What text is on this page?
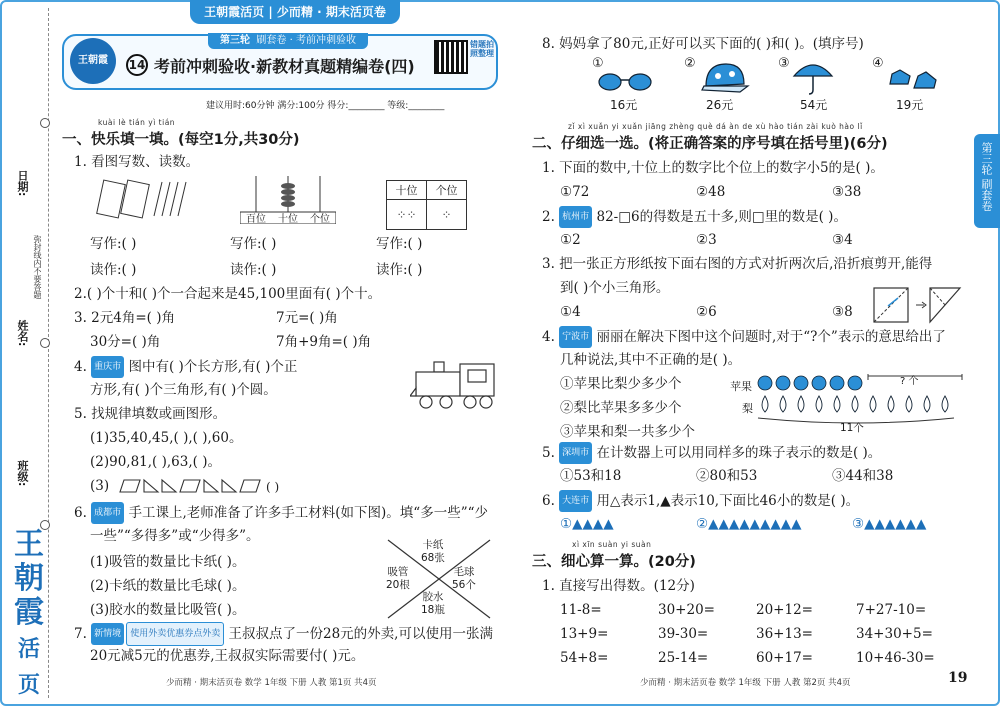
日期:
姓名:
班级:
弥封线内不要答题
王
朝
霞
活页
第三轮 刷套卷
王朝霞活页 | 少而精 · 期末活页卷
王朝霞
第三轮 刷套卷 · 考前冲刺验收
14 考前冲刺验收·新教材真题精编卷(四)
错题拍照整理
建议用时:60分钟 满分:100分 得分:________ 等级:________
kuài lè tián yì tián
一、快乐填一填。(每空1分,共30分)
1. 看图写数、读数。
百位	十位	个位
十位	个位
⁘⁘	⁘
写作:( )	写作:( )	写作:( )
读作:( )	读作:( )	读作:( )
2.( )个十和( )个一合起来是45,100里面有( )个十。
3. 2元4角=( )角	7元=( )角
30分=( )角	7角+9角=( )角
4. 重庆市 图中有( )个长方形,有( )个正
方形,有( )个三角形,有( )个圆。
5. 找规律填数或画图形。
(1)35,40,45,( ),( ),60。
(2)90,81,( ),63,( )。
(3)	( )
6. 成都市 手工课上,老师准备了许多手工材料(如下图)。填“多一些”“少
一些”“多得多”或“少得多”。
(1)吸管的数量比卡纸( )。
(2)卡纸的数量比毛球( )。
(3)胶水的数量比吸管( )。
卡纸
68张
吸管
20根
毛球
56个
胶水
18瓶
7. 新情境 使用外卖优惠券点外卖 王叔叔点了一份28元的外卖,可以使用一张满
20元减5元的优惠券,王叔叔实际需要付( )元。
少而精 · 期末活页卷 数学 1年级 下册 人教 第1页 共4页
8. 妈妈拿了80元,正好可以买下面的( )和( )。(填序号)
①
16元
②
26元
③
54元
④
19元
zǐ xì xuǎn yi xuǎn jiāng zhèng què dá àn de xù hào tián zài kuò hào lǐ
二、仔细选一选。(将正确答案的序号填在括号里)(6分)
1. 下面的数中,十位上的数字比个位上的数字小5的是( )。
①72	②48	③38
2. 杭州市 82-□6的得数是五十多,则□里的数是( )。
①2	②3	③4
3. 把一张正方形纸按下面右图的方式对折两次后,沿折痕剪开,能得
到( )个小三角形。
①4	②6	③8
4. 宁波市 丽丽在解决下图中这个问题时,对于“?个”表示的意思给出了
几种说法,其中不正确的是( )。
①苹果比梨少多少个
②梨比苹果多多少个
③苹果和梨一共多少个
苹果
梨
? 个
11个
5. 深圳市 在计数器上可以用同样多的珠子表示的数是( )。
①53和18	②80和53	③44和38
6. 大连市 用△表示1,▲表示10,下面比46小的数是( )。
①▲▲▲▲	②▲▲▲▲▲▲▲▲▲	③▲▲▲▲▲▲
xì xīn suàn yi suàn
三、细心算一算。(20分)
1. 直接写出得数。(12分)
11-8=	30+20=	20+12=	7+27-10=
13+9=	39-30=	36+13=	34+30+5=
54+8=	25-14=	60+17=	10+46-30=
少而精 · 期末活页卷 数学 1年级 下册 人教 第2页 共4页	19
